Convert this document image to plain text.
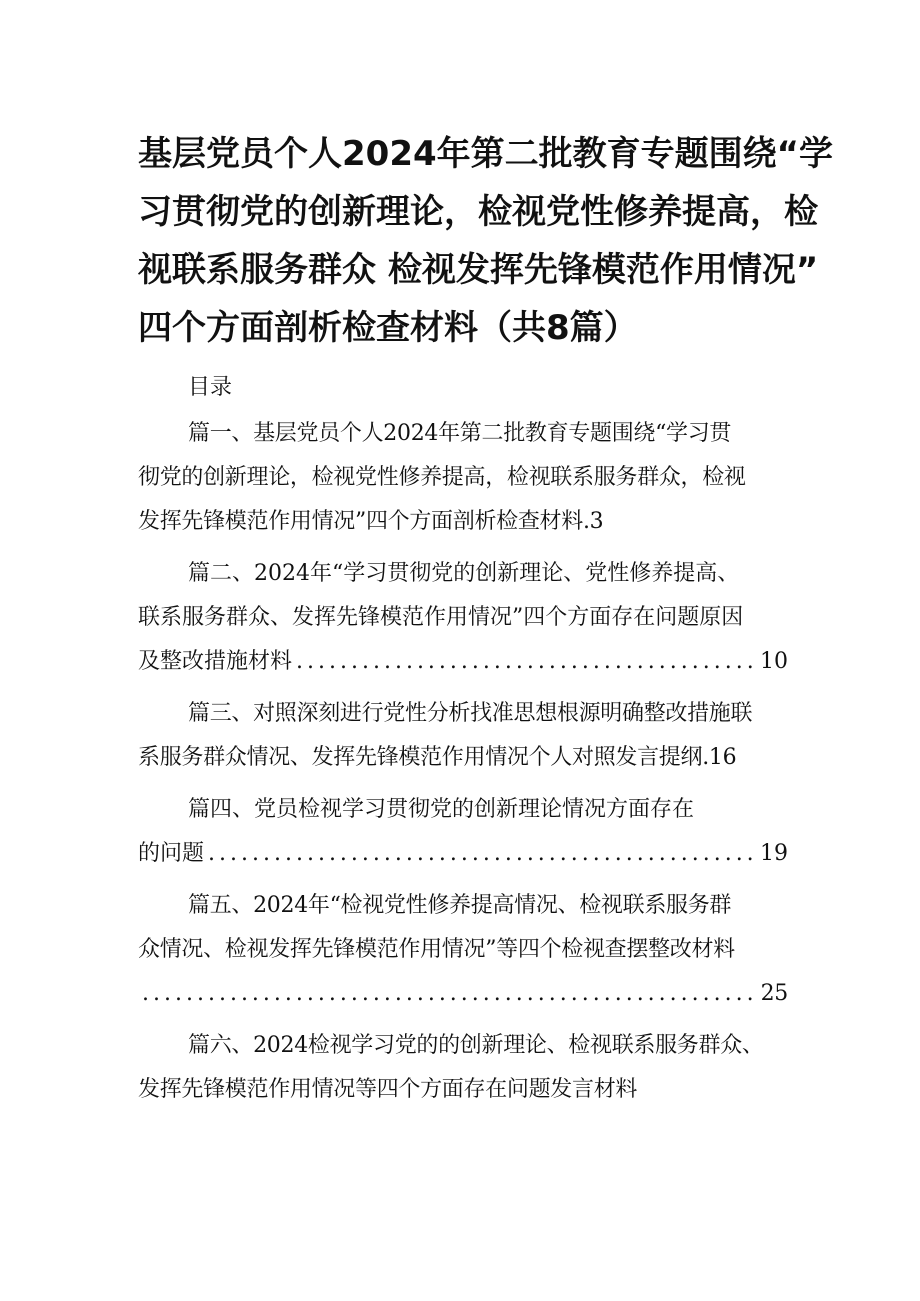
基层党员个人2024年第二批教育专题围绕“学
习贯彻党的创新理论，检视党性修养提高，检
视联系服务群众 检视发挥先锋模范作用情况”
四个方面剖析检查材料（共8篇）

目录

篇一、基层党员个人2024年第二批教育专题围绕“学习贯
彻党的创新理论，检视党性修养提高，检视联系服务群众，检视
发挥先锋模范作用情况”四个方面剖析检查材料.3
篇二、2024年“学习贯彻党的创新理论、党性修养提高、
联系服务群众、发挥先锋模范作用情况”四个方面存在问题原因
及整改措施材料 .....	10
篇三、对照深刻进行党性分析找准思想根源明确整改措施联
系服务群众情况、发挥先锋模范作用情况个人对照发言提纲.16
篇四、党员检视学习贯彻党的创新理论情况方面存在
的问题 .....	19
篇五、2024年“检视党性修养提高情况、检视联系服务群
众情况、检视发挥先锋模范作用情况”等四个检视查摆整改材料
.....
25
篇六、2024检视学习党的的创新理论、检视联系服务群众、
发挥先锋模范作用情况等四个方面存在问题发言材料
